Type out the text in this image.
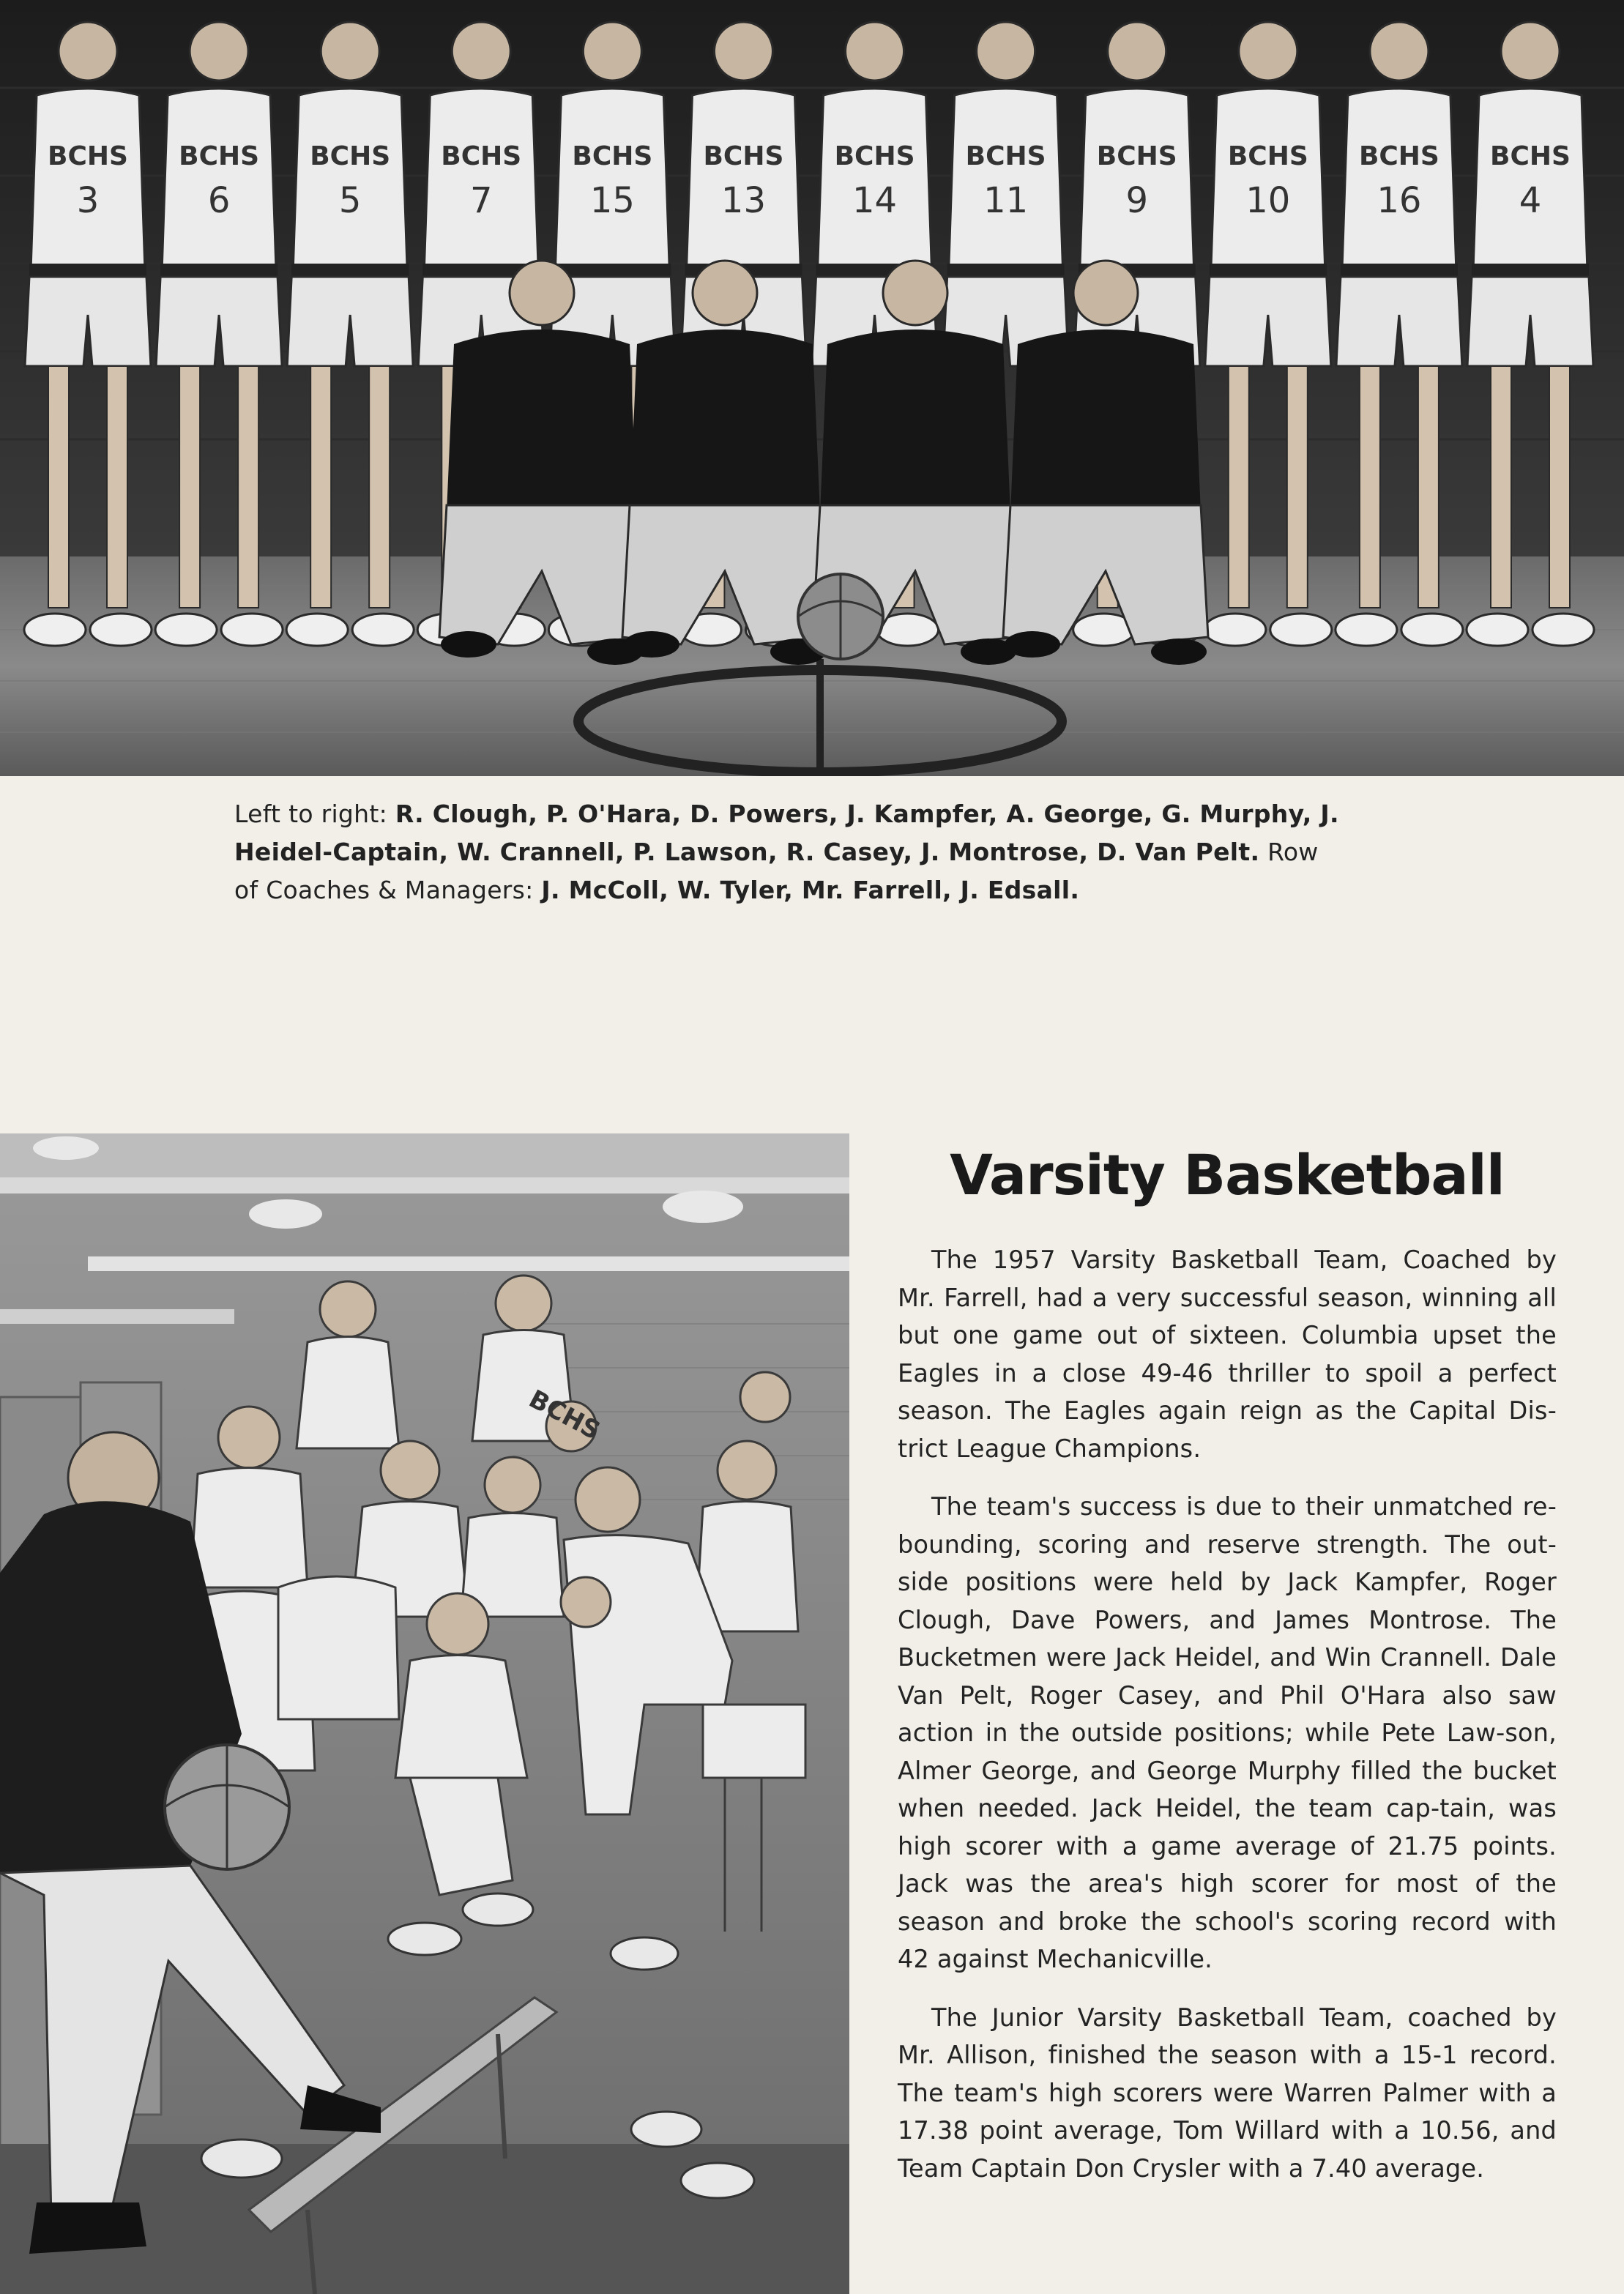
BCHS
3
BCHS
6
BCHS
5
BCHS
7
BCHS
15
BCHS
13
BCHS
14
BCHS
11
BCHS
9
BCHS
10
BCHS
16
BCHS
4
Left to right: R. Clough, P. O'Hara, D. Powers, J. Kampfer, A. George, G. Murphy, J. Heidel-Captain, W. Crannell, P. Lawson, R. Casey, J. Montrose, D. Van Pelt. Row of Coaches & Managers: J. McColl, W. Tyler, Mr. Farrell, J. Edsall.
BCHS
Varsity Basketball

The 1957 Varsity Basketball Team, Coached by Mr. Farrell, had a very successful season, winning all but one game out of sixteen. Columbia upset the Eagles in a close 49-46 thriller to spoil a perfect season. The Eagles again reign as the Capital Dis-trict League Champions.

The team's success is due to their unmatched re-bounding, scoring and reserve strength. The out-side positions were held by Jack Kampfer, Roger Clough, Dave Powers, and James Montrose. The Bucketmen were Jack Heidel, and Win Crannell. Dale Van Pelt, Roger Casey, and Phil O'Hara also saw action in the outside positions; while Pete Law-son, Almer George, and George Murphy filled the bucket when needed. Jack Heidel, the team cap-tain, was high scorer with a game average of 21.75 points. Jack was the area's high scorer for most of the season and broke the school's scoring record with 42 against Mechanicville.

The Junior Varsity Basketball Team, coached by Mr. Allison, finished the season with a 15-1 record. The team's high scorers were Warren Palmer with a 17.38 point average, Tom Willard with a 10.56, and Team Captain Don Crysler with a 7.40 average.
